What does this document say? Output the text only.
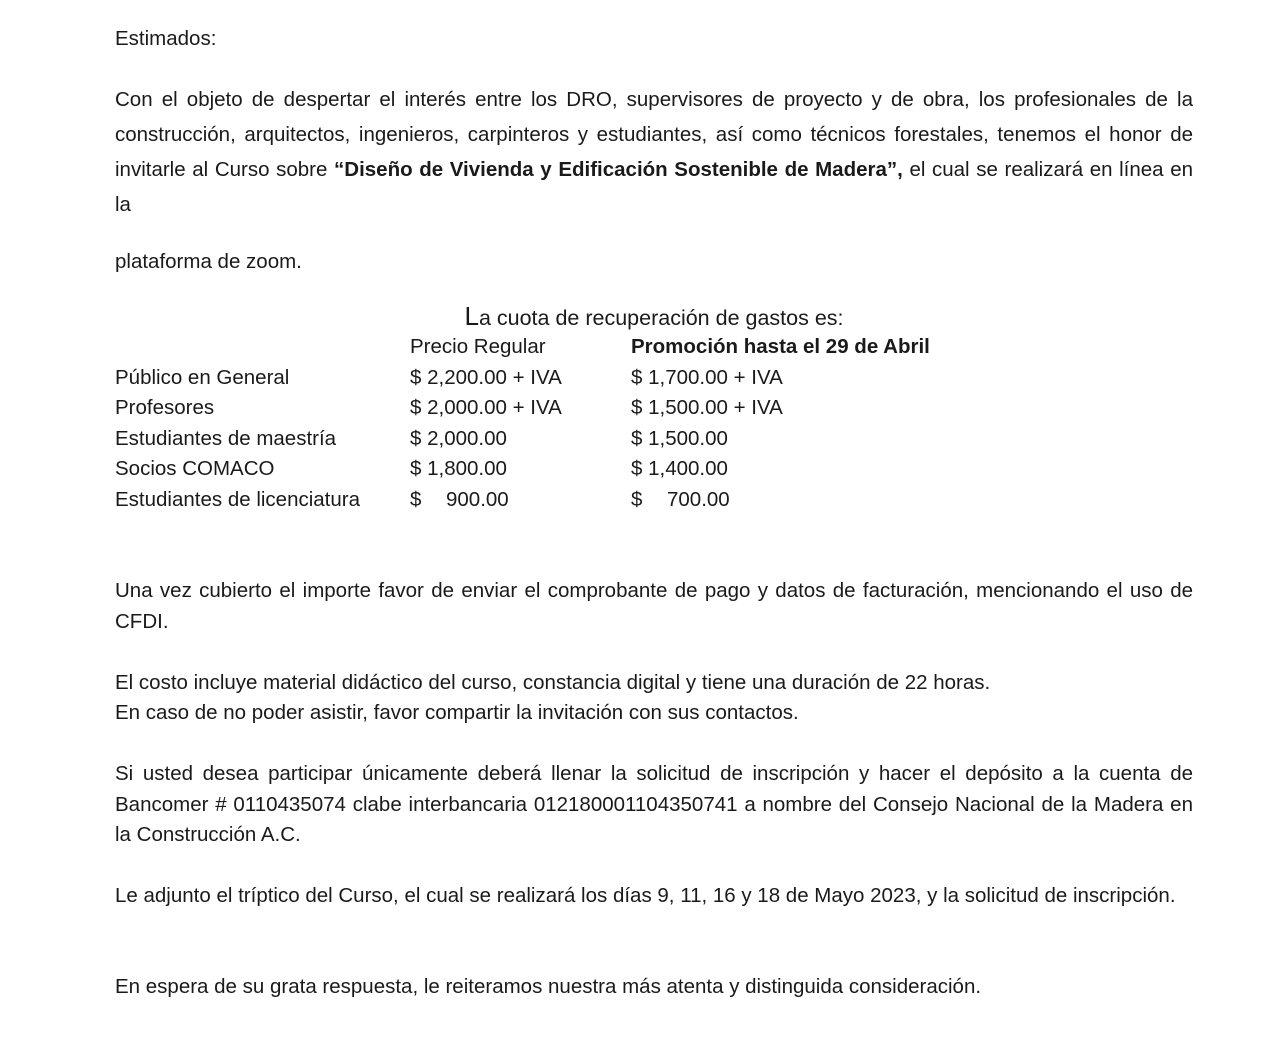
Estimados:
Con el objeto de despertar el interés entre los DRO, supervisores de proyecto y de obra, los profesionales de la construcción, arquitectos, ingenieros, carpinteros y estudiantes, así como técnicos forestales, tenemos el honor de invitarle al Curso sobre “Diseño de Vivienda y Edificación Sostenible de Madera”, el cual se realizará en línea en la
plataforma de zoom.
La cuota de recuperación de gastos es:
	Precio Regular	Promoción hasta el 29 de Abril
Público en General	$ 2,200.00 + IVA	$ 1,700.00 + IVA
Profesores	$ 2,000.00 + IVA	$ 1,500.00 + IVA
Estudiantes de maestría	$ 2,000.00	$ 1,500.00
Socios COMACO	$ 1,800.00	$ 1,400.00
Estudiantes de licenciatura	$ 900.00	$ 700.00
Una vez cubierto el importe favor de enviar el comprobante de pago y datos de facturación, mencionando el uso de CFDI.
El costo incluye material didáctico del curso, constancia digital y tiene una duración de 22 horas.
En caso de no poder asistir, favor compartir la invitación con sus contactos.
Si usted desea participar únicamente deberá llenar la solicitud de inscripción y hacer el depósito a la cuenta de Bancomer # 0110435074 clabe interbancaria 012180001104350741 a nombre del Consejo Nacional de la Madera en la Construcción A.C.
Le adjunto el tríptico del Curso, el cual se realizará los días 9, 11, 16 y 18 de Mayo 2023, y la solicitud de inscripción.
En espera de su grata respuesta, le reiteramos nuestra más atenta y distinguida consideración.
